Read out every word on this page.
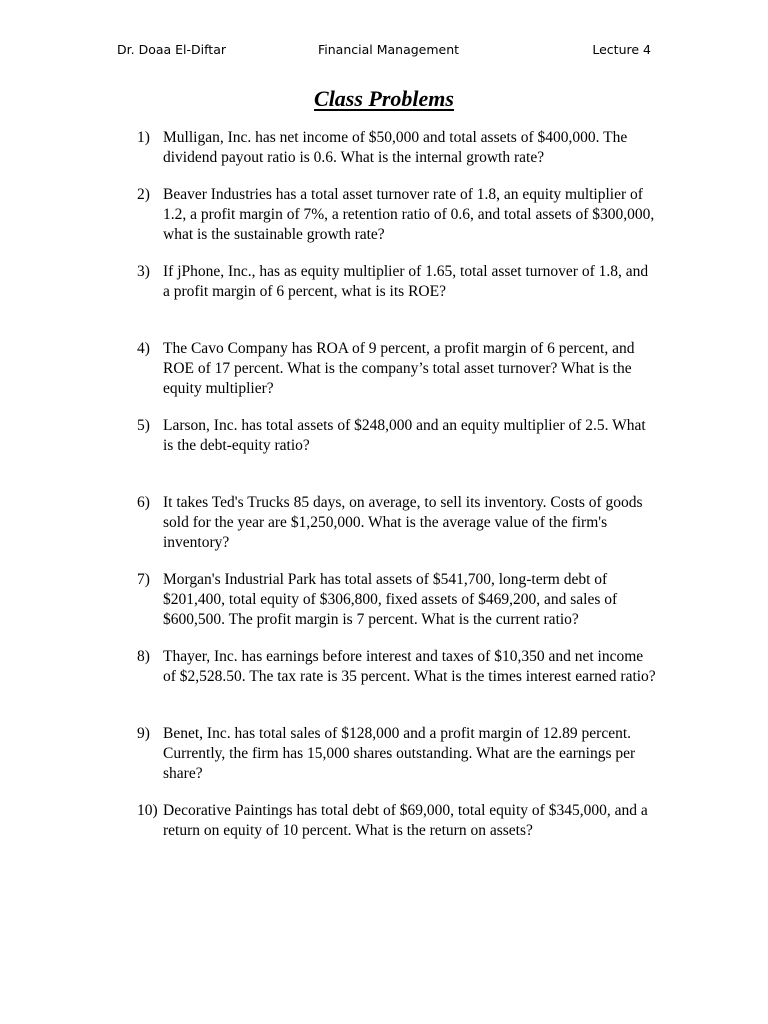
Dr. Doaa El-Diftar	Financial Management	Lecture 4
Class Problems
1) Mulligan, Inc. has net income of $50,000 and total assets of $400,000. The dividend payout ratio is 0.6. What is the internal growth rate?
2) Beaver Industries has a total asset turnover rate of 1.8, an equity multiplier of 1.2, a profit margin of 7%, a retention ratio of 0.6, and total assets of $300,000, what is the sustainable growth rate?
3) If jPhone, Inc., has as equity multiplier of 1.65, total asset turnover of 1.8, and a profit margin of 6 percent, what is its ROE?
4) The Cavo Company has ROA of 9 percent, a profit margin of 6 percent, and ROE of 17 percent. What is the company’s total asset turnover? What is the equity multiplier?
5) Larson, Inc. has total assets of $248,000 and an equity multiplier of 2.5. What is the debt-equity ratio?
6) It takes Ted's Trucks 85 days, on average, to sell its inventory. Costs of goods sold for the year are $1,250,000. What is the average value of the firm's inventory?
7) Morgan's Industrial Park has total assets of $541,700, long-term debt of $201,400, total equity of $306,800, fixed assets of $469,200, and sales of $600,500. The profit margin is 7 percent. What is the current ratio?
8) Thayer, Inc. has earnings before interest and taxes of $10,350 and net income of $2,528.50. The tax rate is 35 percent. What is the times interest earned ratio?
9) Benet, Inc. has total sales of $128,000 and a profit margin of 12.89 percent. Currently, the firm has 15,000 shares outstanding. What are the earnings per share?
10) Decorative Paintings has total debt of $69,000, total equity of $345,000, and a return on equity of 10 percent. What is the return on assets?
